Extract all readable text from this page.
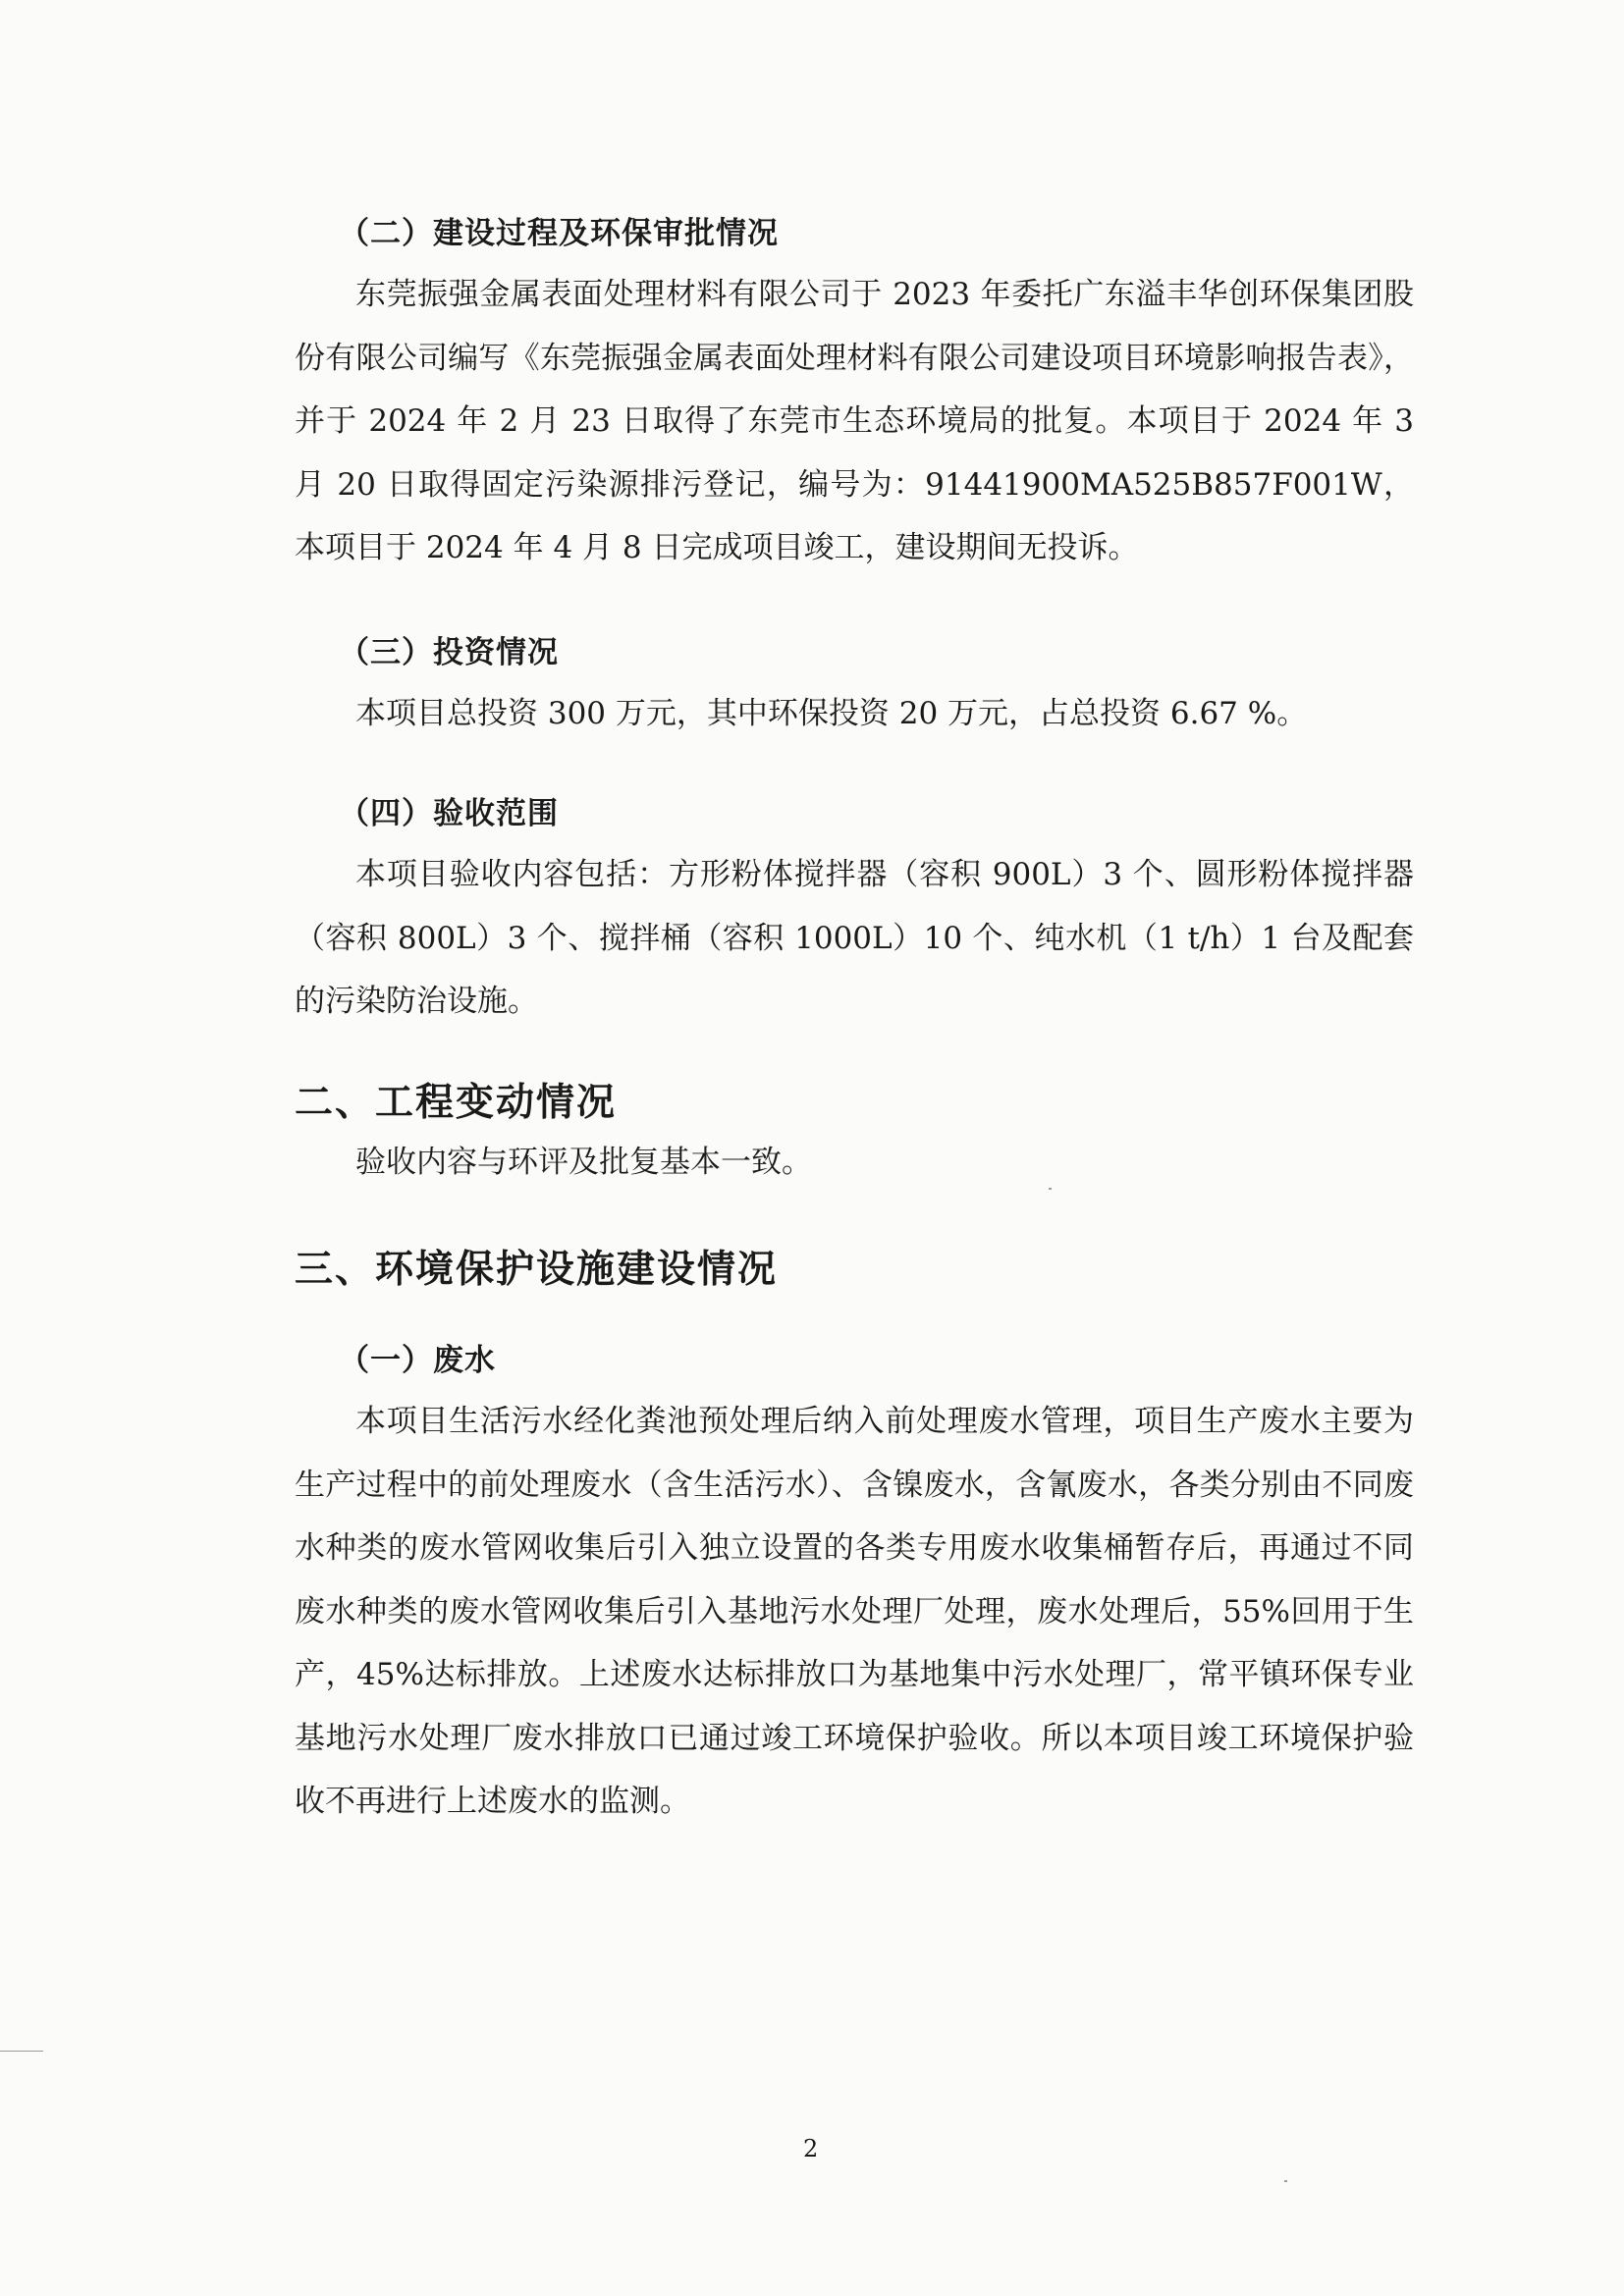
（二）建设过程及环保审批情况

东莞振强金属表面处理材料有限公司于 2023 年委托广东溢丰华创环保集团股份有限公司编写《东莞振强金属表面处理材料有限公司建设项目环境影响报告表》，并于 2024 年 2 月 23 日取得了东莞市生态环境局的批复。本项目于 2024 年 3 月 20 日取得固定污染源排污登记，编号为：91441900MA525B857F001W，本项目于 2024 年 4 月 8 日完成项目竣工，建设期间无投诉。

（三）投资情况

本项目总投资 300 万元，其中环保投资 20 万元，占总投资 6.67 %。

（四）验收范围

本项目验收内容包括：方形粉体搅拌器（容积 900L）3 个、圆形粉体搅拌器（容积 800L）3 个、搅拌桶（容积 1000L）10 个、纯水机（1 t/h）1 台及配套的污染防治设施。

二、工程变动情况

验收内容与环评及批复基本一致。

三、环境保护设施建设情况
（一）废水

本项目生活污水经化粪池预处理后纳入前处理废水管理，项目生产废水主要为生产过程中的前处理废水（含生活污水）、含镍废水，含氰废水，各类分别由不同废水种类的废水管网收集后引入独立设置的各类专用废水收集桶暂存后，再通过不同废水种类的废水管网收集后引入基地污水处理厂处理，废水处理后，55%回用于生产，45%达标排放。上述废水达标排放口为基地集中污水处理厂，常平镇环保专业基地污水处理厂废水排放口已通过竣工环境保护验收。所以本项目竣工环境保护验收不再进行上述废水的监测。

2
